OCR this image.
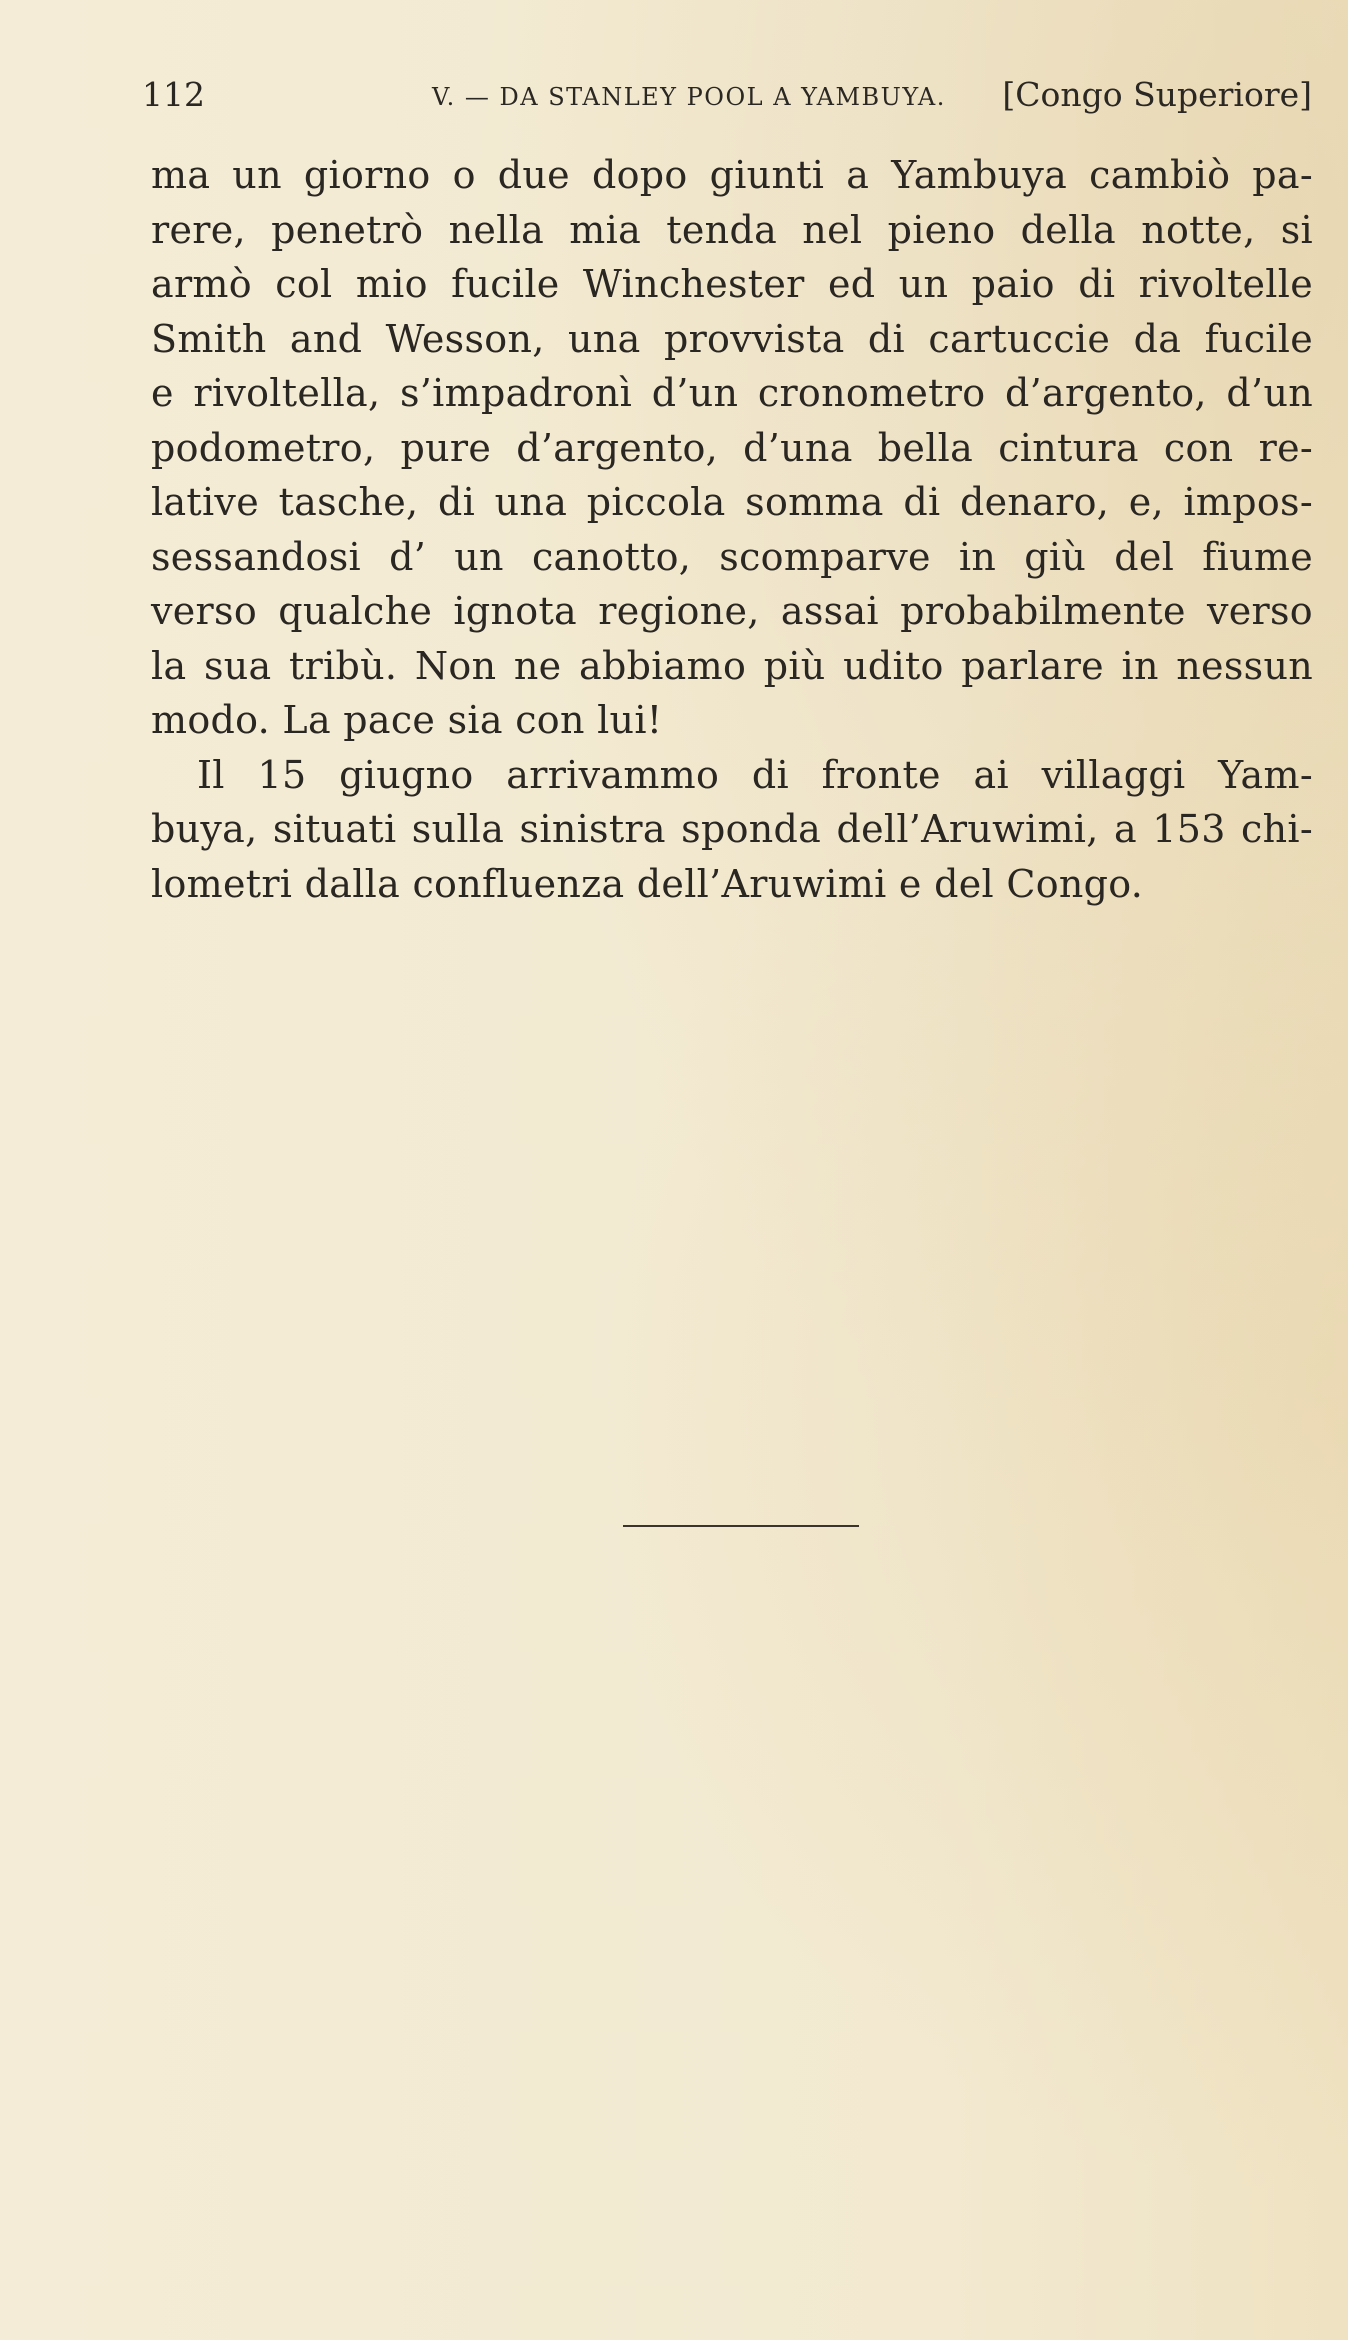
112	V. — DA STANLEY POOL A YAMBUYA. [Congo Superiore]
ma un giorno o due dopo giunti a Yambuya cambiò pa-
rere, penetrò nella mia tenda nel pieno della notte, si
armò col mio fucile Winchester ed un paio di rivoltelle
Smith and Wesson, una provvista di cartuccie da fucile
e rivoltella, s’impadronì d’un cronometro d’argento, d’un
podometro, pure d’argento, d’una bella cintura con re-
lative tasche, di una piccola somma di denaro, e, impos-
sessandosi d’ un canotto, scomparve in giù del fiume
verso qualche ignota regione, assai probabilmente verso
la sua tribù. Non ne abbiamo più udito parlare in nessun
modo. La pace sia con lui!
Il 15 giugno arrivammo di fronte ai villaggi Yam-
buya, situati sulla sinistra sponda dell’Aruwimi, a 153 chi-
lometri dalla confluenza dell’Aruwimi e del Congo.
